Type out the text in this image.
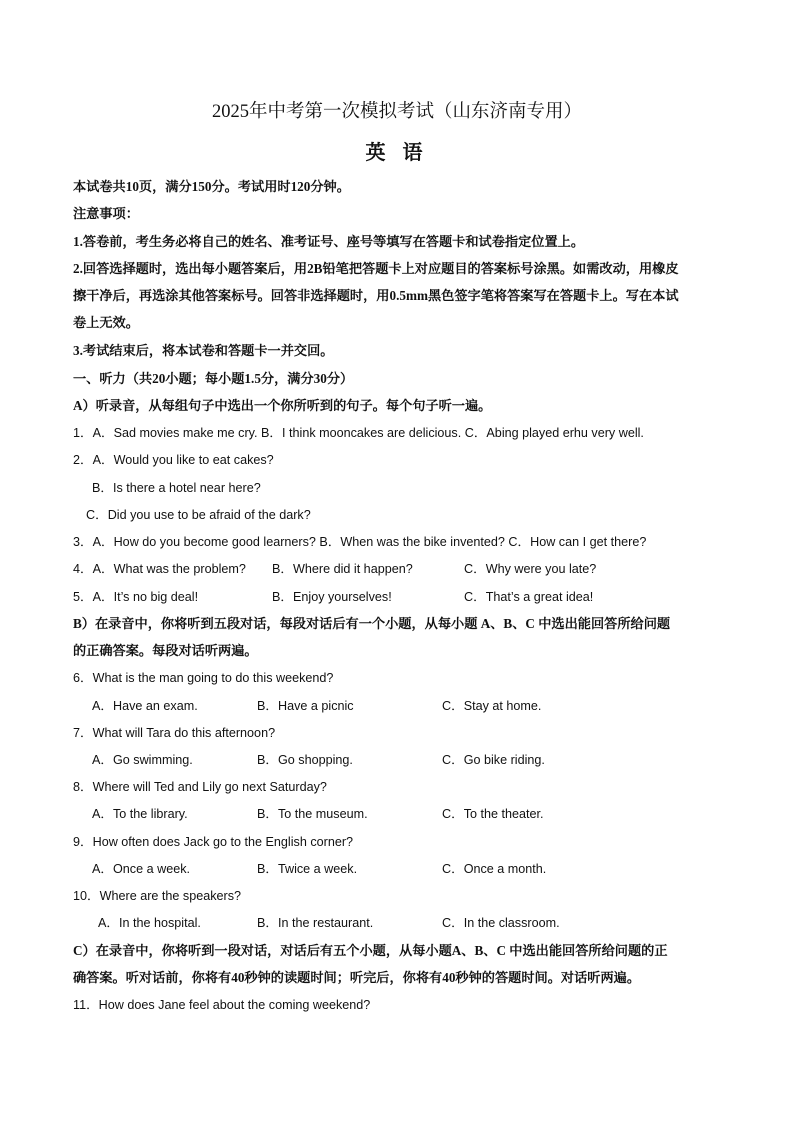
2025年中考第一次模拟考试（山东济南专用）
英 语
本试卷共10页，满分150分。考试用时120分钟。
注意事项：
1.答卷前，考生务必将自己的姓名、准考证号、座号等填写在答题卡和试卷指定位置上。
2.回答选择题时，选出每小题答案后，用2B铅笔把答题卡上对应题目的答案标号涂黑。如需改动，用橡皮
擦干净后，再选涂其他答案标号。回答非选择题时，用0.5mm黑色签字笔将答案写在答题卡上。写在本试
卷上无效。
3.考试结束后，将本试卷和答题卡一并交回。
一、听力（共20小题；每小题1.5分，满分30分）
A）听录音，从每组句子中选出一个你所听到的句子。每个句子听一遍。
1．A．Sad movies make me cry. B．I think mooncakes are delicious. C．Abing played erhu very well.
2．A．Would you like to eat cakes?
B．Is there a hotel near here?
C．Did you use to be afraid of the dark?
3．A．How do you become good learners? B．When was the bike invented? C．How can I get there?
4．A．What was the problem? B．Where did it happen?	C．Why were you late?
5．A．It’s no big deal!	B．Enjoy yourselves!	C．That’s a great idea!
B）在录音中，你将听到五段对话，每段对话后有一个小题，从每小题 A、B、C 中选出能回答所给问题
的正确答案。每段对话听两遍。
6．What is the man going to do this weekend?
A．Have an exam.	B．Have a picnic	C．Stay at home.
7．What will Tara do this afternoon?
A．Go swimming.	B．Go shopping.	C．Go bike riding.
8．Where will Ted and Lily go next Saturday?
A．To the library.	B．To the museum.	C．To the theater.
9．How often does Jack go to the English corner?
A．Once a week.	B．Twice a week.	C．Once a month.
10．Where are the speakers?
A．In the hospital.	B．In the restaurant.	C．In the classroom.
C）在录音中，你将听到一段对话，对话后有五个小题，从每小题A、B、C 中选出能回答所给问题的正
确答案。听对话前，你将有40秒钟的读题时间；听完后，你将有40秒钟的答题时间。对话听两遍。
11．How does Jane feel about the coming weekend?
